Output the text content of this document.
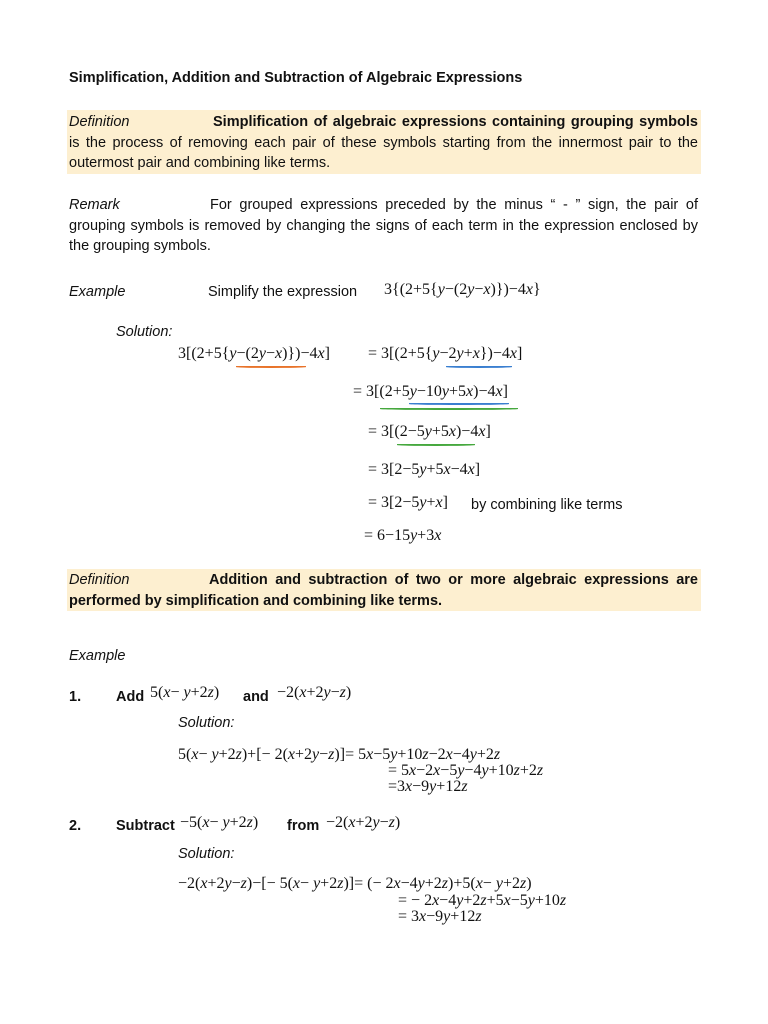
Simplification, Addition and Subtraction of Algebraic Expressions
Definition	Simplification of algebraic expressions containing grouping symbols is the process of removing each pair of these symbols starting from the innermost pair to the outermost pair and combining like terms.
Remark	For grouped expressions preceded by the minus “ - ” sign, the pair of grouping symbols is removed by changing the signs of each term in the expression enclosed by the grouping symbols.
Example	Simplify the expression 3{(2+5{y−(2y−x)})−4x}
Solution:
3[(2+5{y−(2y−x)})−4x] = 3[(2+5{y−2y+x})−4x]
= 3[(2+5y−10y+5x)−4x]
= 3[(2−5y+5x)−4x]
= 3[2−5y+5x−4x]
= 3[2−5y+x] by combining like terms
= 6−15y+3x
Definition	Addition and subtraction of two or more algebraic expressions are performed by simplification and combining like terms.
Example
1. Add 5(x− y+2z) and −2(x+2y−z)
Solution:
5(x− y+2z)+[− 2(x+2y−z)]= 5x−5y+10z−2x−4y+2z
= 5x−2x−5y−4y+10z+2z
=3x−9y+12z
2. Subtract −5(x− y+2z) from −2(x+2y−z)
Solution:
−2(x+2y−z)−[− 5(x− y+2z)]= (− 2x−4y+2z)+5(x− y+2z)
= − 2x−4y+2z+5x−5y+10z
= 3x−9y+12z
